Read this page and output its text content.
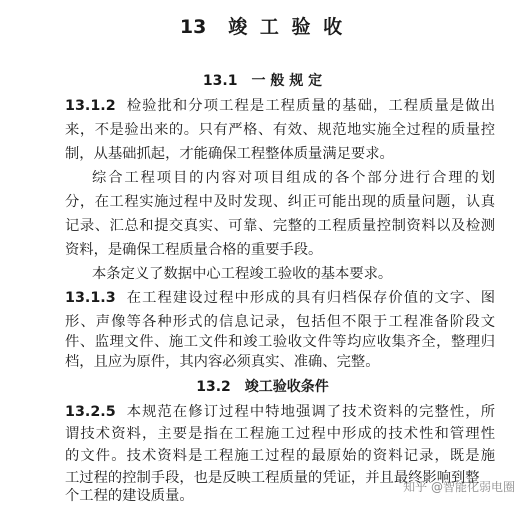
13 竣 工 验 收
13.1 一 般 规 定
13.1.2 检验批和分项工程是工程质量的基础，工程质量是做出
来，不是验出来的。只有严格、有效、规范地实施全过程的质量控
制，从基础抓起，才能确保工程整体质量满足要求。
综合工程项目的内容对项目组成的各个部分进行合理的划
分，在工程实施过程中及时发现、纠正可能出现的质量问题，认真
记录、汇总和提交真实、可靠、完整的工程质量控制资料以及检测
资料，是确保工程质量合格的重要手段。
本条定义了数据中心工程竣工验收的基本要求。
13.1.3 在工程建设过程中形成的具有归档保存价值的文字、图
形、声像等各种形式的信息记录，包括但不限于工程准备阶段文
件、监理文件、施工文件和竣工验收文件等均应收集齐全，整理归
档，且应为原件，其内容必须真实、准确、完整。
13.2 竣工验收条件
13.2.5 本规范在修订过程中特地强调了技术资料的完整性，所
谓技术资料，主要是指在工程施工过程中形成的技术性和管理性
的文件。技术资料是工程施工过程的最原始的资料记录，既是施
工过程的控制手段，也是反映工程质量的凭证，并且最终影响到整
个工程的建设质量。
知乎 @智能化弱电圈
